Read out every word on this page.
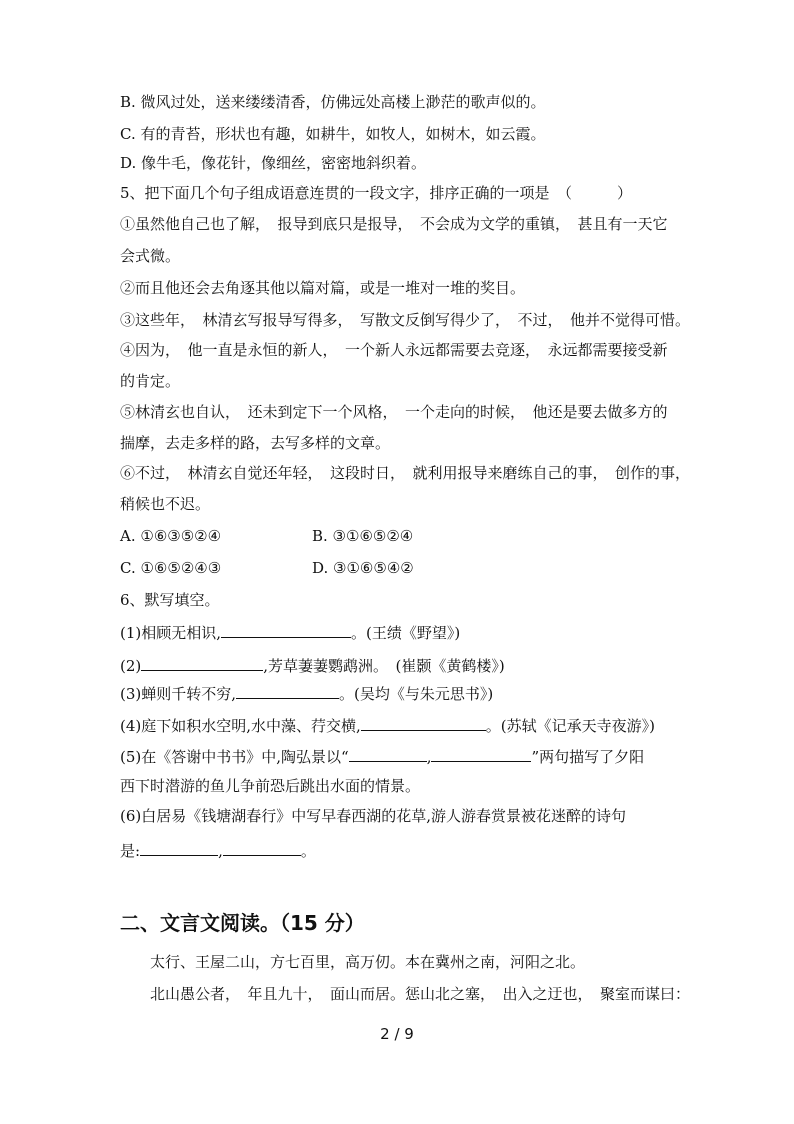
B. 微风过处，送来缕缕清香，仿佛远处高楼上渺茫的歌声似的。
C. 有的青苔，形状也有趣，如耕牛，如牧人，如树木，如云霞。
D. 像牛毛，像花针，像细丝，密密地斜织着。
5、把下面几个句子组成语意连贯的一段文字，排序正确的一项是　（　　　）
①虽然他自己也了解，　报导到底只是报导，　不会成为文学的重镇，　甚且有一天它
会式微。
②而且他还会去角逐其他以篇对篇，或是一堆对一堆的奖目。
③这些年，　林清玄写报导写得多，　写散文反倒写得少了，　不过，　他并不觉得可惜。
④因为，　他一直是永恒的新人，　一个新人永远都需要去竞逐，　永远都需要接受新
的肯定。
⑤林清玄也自认，　还未到定下一个风格，　一个走向的时候，　他还是要去做多方的
揣摩，去走多样的路，去写多样的文章。
⑥不过，　林清玄自觉还年轻，　这段时日，　就利用报导来磨练自己的事，　创作的事，
稍候也不迟。
A. ①⑥③⑤②④	B. ③①⑥⑤②④
C. ①⑥⑤②④③	D. ③①⑥⑤④②
6、默写填空。
(1)相顾无相识,	。(王绩《野望》)
(2)	,芳草萋萋鹦鹉洲。　(崔颢《黄鹤楼》)
(3)蝉则千转不穷,	。(吴均《与朱元思书》)
(4)庭下如积水空明,水中藻、荇交横,	。(苏轼《记承天寺夜游》)
(5)在《答谢中书书》中,陶弘景以“	,	”两句描写了夕阳
西下时潜游的鱼儿争前恐后跳出水面的情景。
(6)白居易《钱塘湖春行》中写早春西湖的花草,游人游春赏景被花迷醉的诗句
是:	,	。
二、文言文阅读。（15 分）
太行、王屋二山，方七百里，高万仞。本在冀州之南，河阳之北。
北山愚公者，　年且九十，　面山而居。惩山北之塞，　出入之迂也，　聚室而谋曰：
2 / 9
